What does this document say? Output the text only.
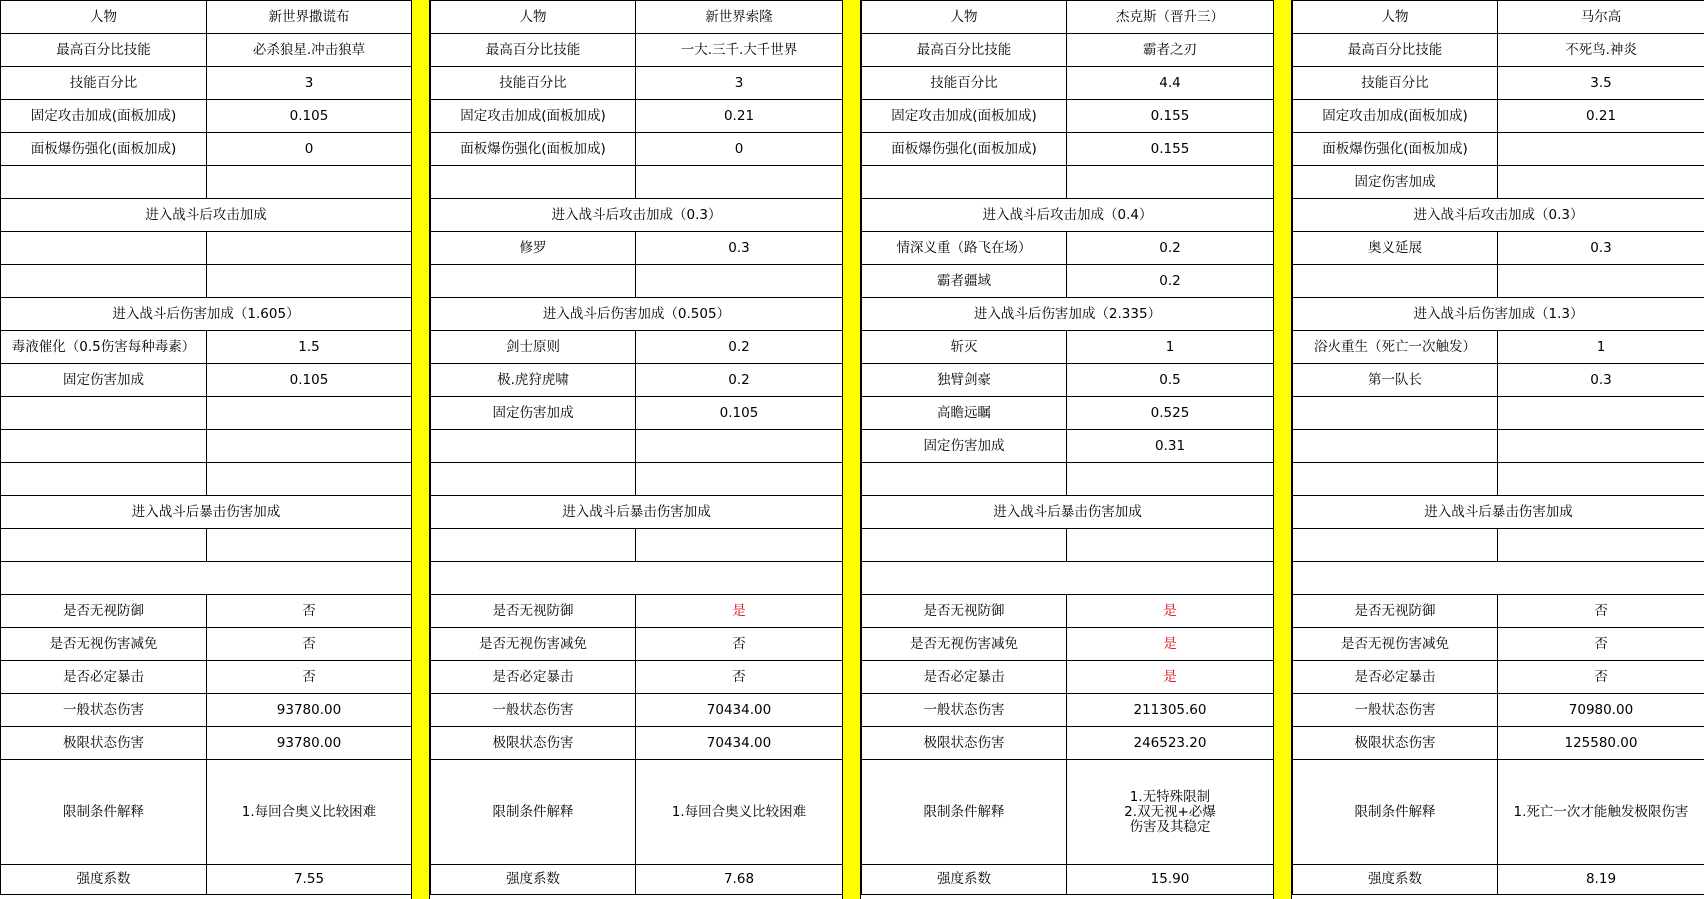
人物	新世界撒谎布
最高百分比技能	必杀狼星.冲击狼草
技能百分比	3
固定攻击加成(面板加成)	0.105
面板爆伤强化(面板加成)	0

进入战斗后攻击加成	

进入战斗后伤害加成（1.605）	
毒液催化（0.5伤害每种毒素）	1.5
固定伤害加成	0.105

进入战斗后暴击伤害加成	

是否无视防御	否
是否无视伤害减免	否
是否必定暴击	否
一般状态伤害	93780.00
极限状态伤害	93780.00
限制条件解释	1.每回合奥义比较困难

强度系数	7.55
人物	新世界索隆
最高百分比技能	一大.三千.大千世界
技能百分比	3
固定攻击加成(面板加成)	0.21
面板爆伤强化(面板加成)	0

进入战斗后攻击加成（0.3）	
修罗	0.3

进入战斗后伤害加成（0.505）	
剑士原则	0.2
极.虎狩虎啸	0.2
固定伤害加成	0.105

进入战斗后暴击伤害加成	

是否无视防御	是
是否无视伤害减免	否
是否必定暴击	否
一般状态伤害	70434.00
极限状态伤害	70434.00
限制条件解释	1.每回合奥义比较困难

强度系数	7.68
人物	杰克斯（晋升三）
最高百分比技能	霸者之刃
技能百分比	4.4
固定攻击加成(面板加成)	0.155
面板爆伤强化(面板加成)	0.155

进入战斗后攻击加成（0.4）	
情深义重（路飞在场）	0.2
霸者疆域	0.2
进入战斗后伤害加成（2.335）	
斩灭	1
独臂剑豪	0.5
高瞻远瞩	0.525
固定伤害加成	0.31

进入战斗后暴击伤害加成	

是否无视防御	是
是否无视伤害减免	是
是否必定暴击	是
一般状态伤害	211305.60
极限状态伤害	246523.20
限制条件解释	1.无特殊限制
2.双无视+必爆
伤害及其稳定

强度系数	15.90
人物	马尔高
最高百分比技能	不死鸟.神炎
技能百分比	3.5
固定攻击加成(面板加成)	0.21
面板爆伤强化(面板加成)	
固定伤害加成	
进入战斗后攻击加成（0.3）	
奥义延展	0.3

进入战斗后伤害加成（1.3）	
浴火重生（死亡一次触发）	1
第一队长	0.3

进入战斗后暴击伤害加成	

是否无视防御	否
是否无视伤害减免	否
是否必定暴击	否
一般状态伤害	70980.00
极限状态伤害	125580.00
限制条件解释	1.死亡一次才能触发极限伤害

强度系数	8.19
